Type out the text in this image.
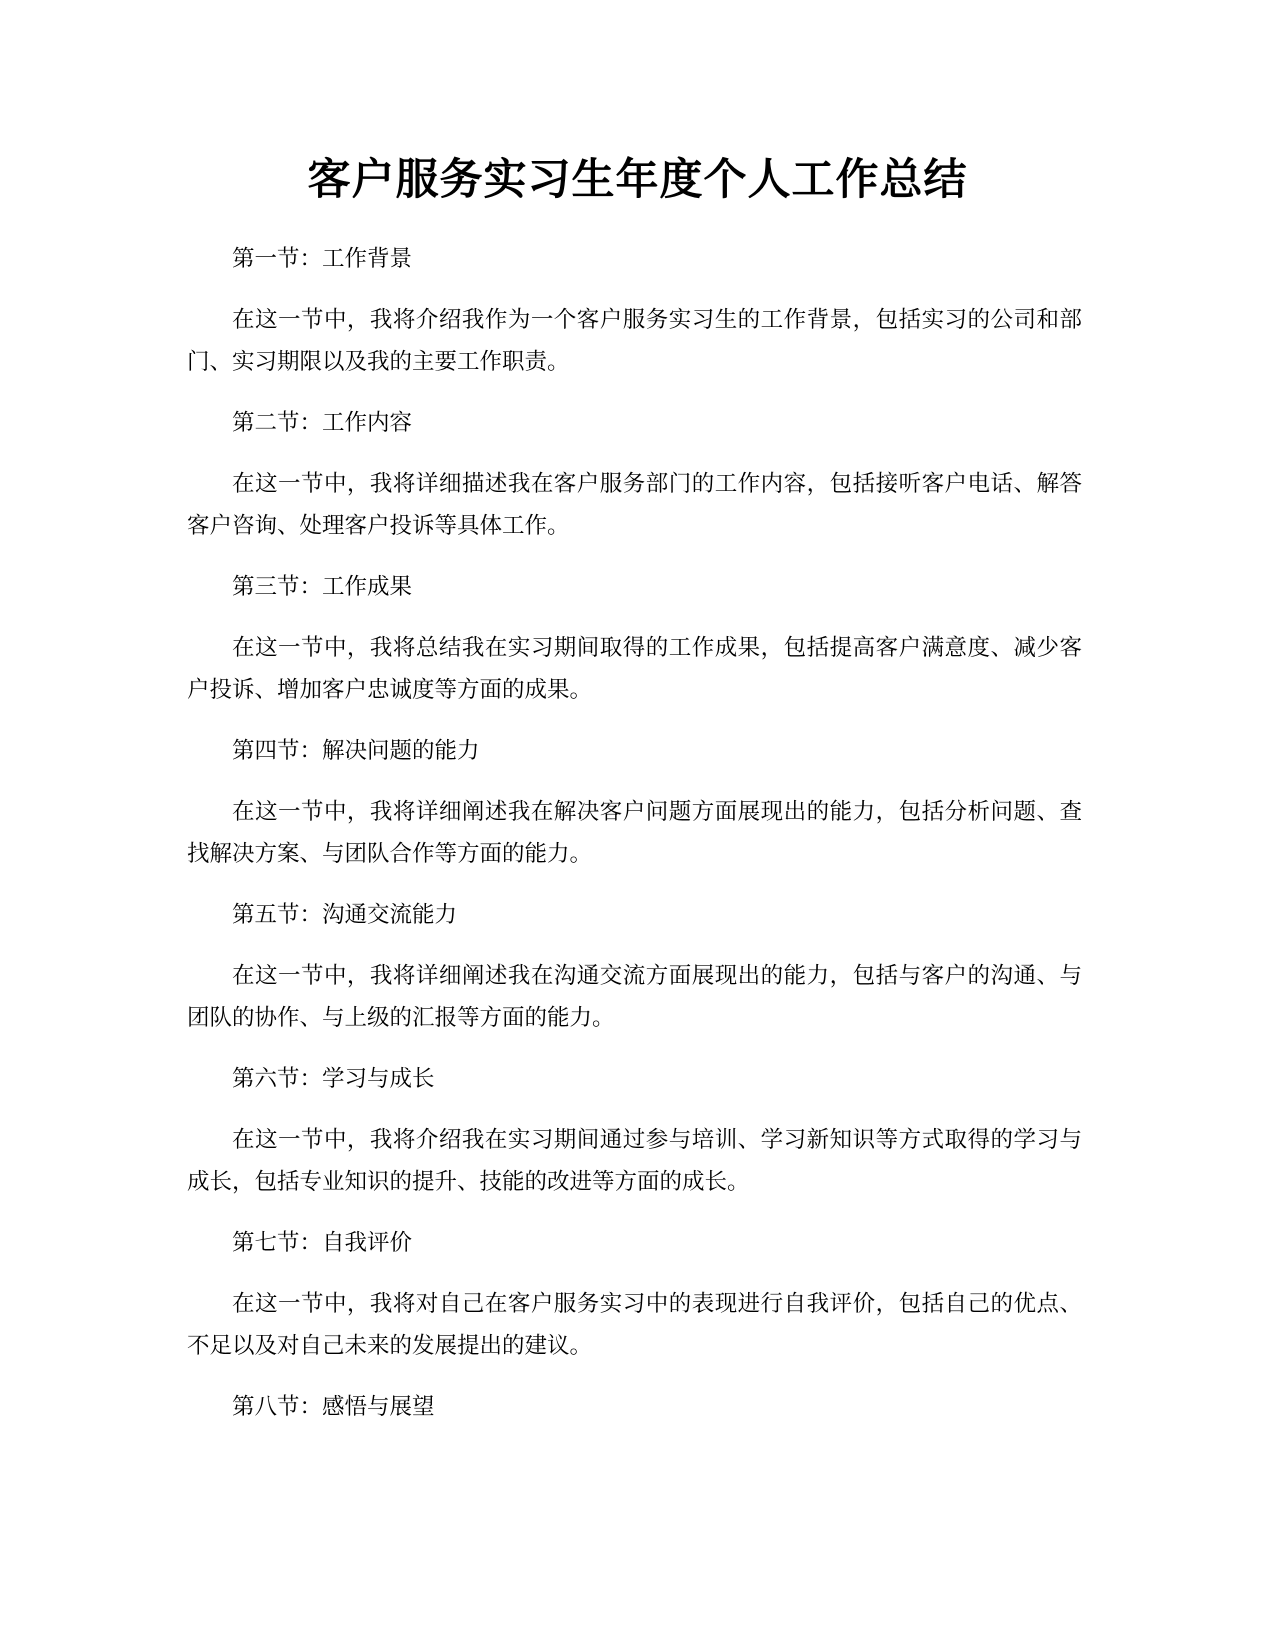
客户服务实习生年度个人工作总结

第一节：工作背景

在这一节中，我将介绍我作为一个客户服务实习生的工作背景，包括实习的公司和部门、实习期限以及我的主要工作职责。

第二节：工作内容

在这一节中，我将详细描述我在客户服务部门的工作内容，包括接听客户电话、解答客户咨询、处理客户投诉等具体工作。

第三节：工作成果

在这一节中，我将总结我在实习期间取得的工作成果，包括提高客户满意度、减少客户投诉、增加客户忠诚度等方面的成果。

第四节：解决问题的能力

在这一节中，我将详细阐述我在解决客户问题方面展现出的能力，包括分析问题、查找解决方案、与团队合作等方面的能力。

第五节：沟通交流能力

在这一节中，我将详细阐述我在沟通交流方面展现出的能力，包括与客户的沟通、与团队的协作、与上级的汇报等方面的能力。

第六节：学习与成长

在这一节中，我将介绍我在实习期间通过参与培训、学习新知识等方式取得的学习与成长，包括专业知识的提升、技能的改进等方面的成长。

第七节：自我评价

在这一节中，我将对自己在客户服务实习中的表现进行自我评价，包括自己的优点、不足以及对自己未来的发展提出的建议。

第八节：感悟与展望
